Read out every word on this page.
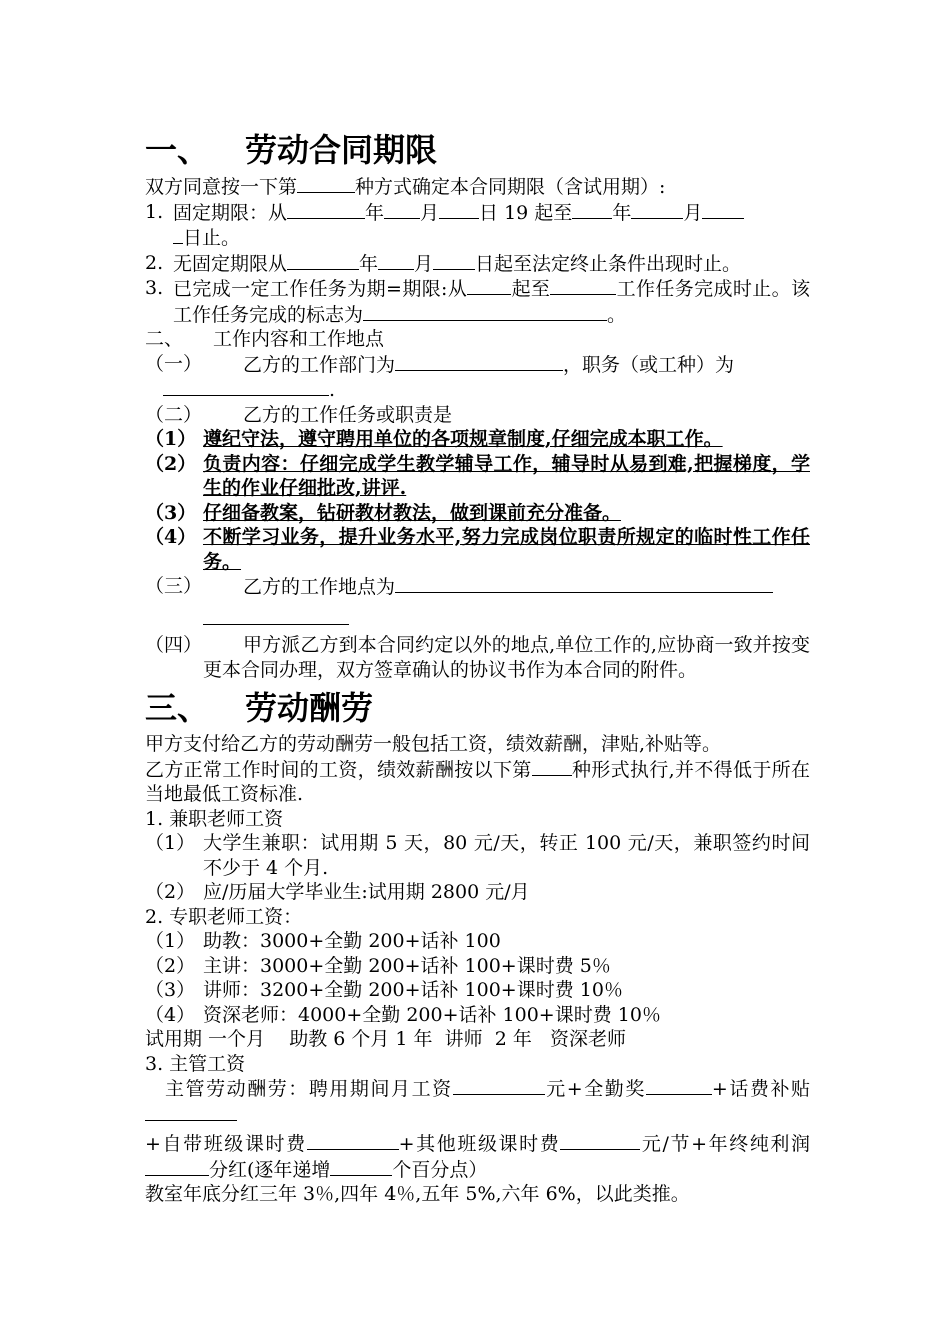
一、	劳动合同期限

双方同意按一下第	种方式确定本合同期限（含试用期）:

1. 固定期限：从	年 月 日 19 起至 年	月
日止。
2. 无固定期限从	年 月 日起至法定终止条件出现时止。
3. 已完成一定工作任务为期=期限:从 起至	工作任务完成时止。该工作任务完成的标志为	。
二、	工作内容和工作地点
（一）	乙方的工作部门为	，职务（或工种）为
.
（二）	乙方的工作任务或职责是
（1） 遵纪守法，遵守聘用单位的各项规章制度,仔细完成本职工作。
（2） 负责内容：仔细完成学生教学辅导工作，辅导时从易到难,把握梯度，学生的作业仔细批改,讲评.
（3） 仔细备教案，钻研教材教法，做到课前充分准备。
（4） 不断学习业务，提升业务水平,努力完成岗位职责所规定的临时性工作任务。
（三）	乙方的工作地点为

（四）	甲方派乙方到本合同约定以外的地点,单位工作的,应协商一致并按变更本合同办理，双方签章确认的协议书作为本合同的附件。
三、	劳动酬劳

甲方支付给乙方的劳动酬劳一般包括工资，绩效薪酬，津贴,补贴等。

乙方正常工作时间的工资，绩效薪酬按以下第 种形式执行,并不得低于所在当地最低工资标准.

1. 兼职老师工资

（1） 大学生兼职：试用期 5 天，80 元/天，转正 100 元/天，兼职签约时间不少于 4 个月.
（2） 应/历届大学毕业生:试用期 2800 元/月

2. 专职老师工资：

（1） 助教：3000+全勤 200+话补 100
（2） 主讲：3000+全勤 200+话补 100+课时费 5％
（3） 讲师：3200+全勤 200+话补 100+课时费 10％
（4） 资深老师：4000+全勤 200+话补 100+课时费 10％

试用期 一个月    助教 6 个月 1 年  讲师  2 年   资深老师

3. 主管工资

主管劳动酬劳：聘用期间月工资	元+全勤奖	+话费补贴

+自带班级课时费	+其他班级课时费	元/节+年终纯利润分红(逐年递增	个百分点）

教室年底分红三年 3％,四年 4％,五年 5%,六年 6%，以此类推。
